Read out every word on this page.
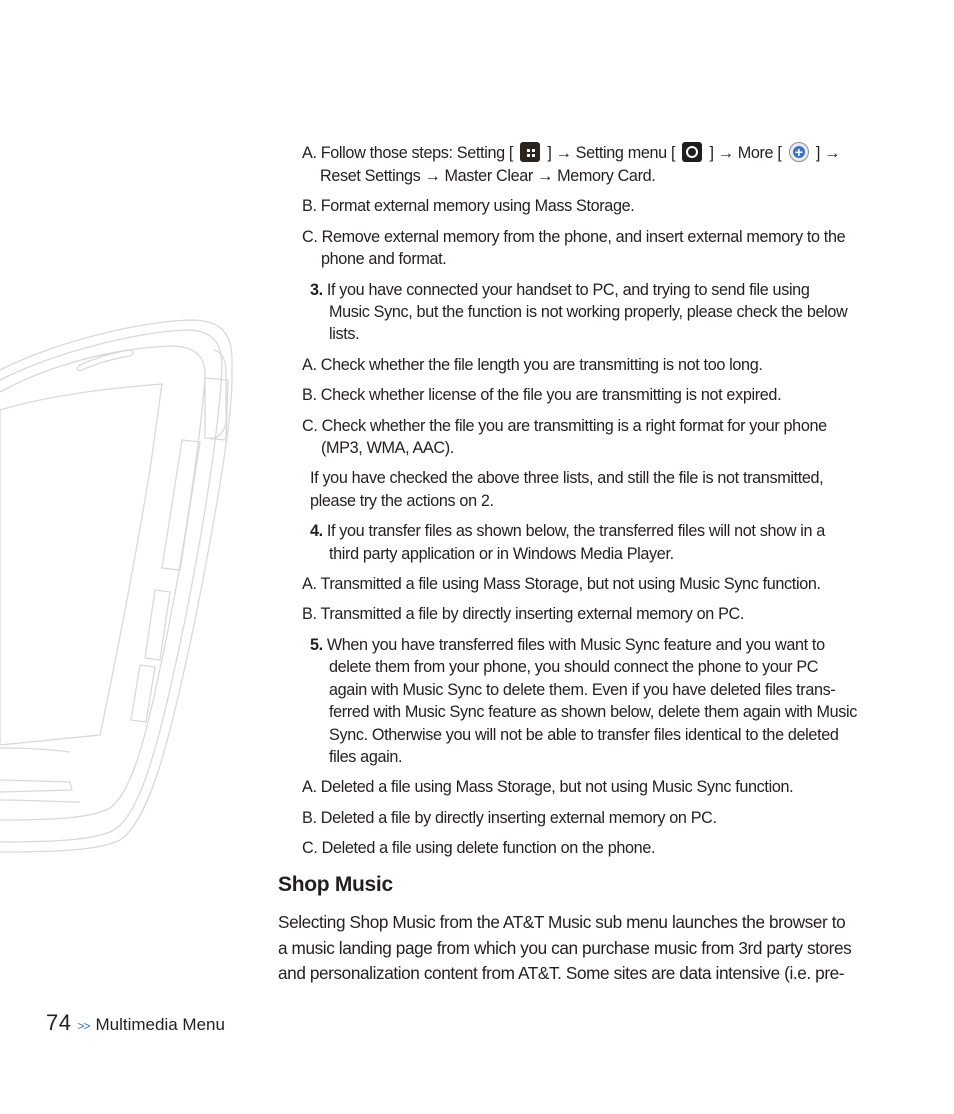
A. Follow those steps: Setting [ ] → Setting menu [ ] → More [ + ] →
Reset Settings → Master Clear → Memory Card.
B. Format external memory using Mass Storage.
C. Remove external memory from the phone, and insert external memory to the
phone and format.
3. If you have connected your handset to PC, and trying to send file using
Music Sync, but the function is not working properly, please check the below
lists.
A. Check whether the file length you are transmitting is not too long.
B. Check whether license of the file you are transmitting is not expired.
C. Check whether the file you are transmitting is a right format for your phone
(MP3, WMA, AAC).
If you have checked the above three lists, and still the file is not transmitted,
please try the actions on 2.
4. If you transfer files as shown below, the transferred files will not show in a
third party application or in Windows Media Player.
A. Transmitted a file using Mass Storage, but not using Music Sync function.
B. Transmitted a file by directly inserting external memory on PC.
5. When you have transferred files with Music Sync feature and you want to
delete them from your phone, you should connect the phone to your PC
again with Music Sync to delete them. Even if you have deleted files trans-
ferred with Music Sync feature as shown below, delete them again with Music
Sync. Otherwise you will not be able to transfer files identical to the deleted
files again.
A. Deleted a file using Mass Storage, but not using Music Sync function.
B. Deleted a file by directly inserting external memory on PC.
C. Deleted a file using delete function on the phone.
Shop Music
Selecting Shop Music from the AT&T Music sub menu launches the browser to
a music landing page from which you can purchase music from 3rd party stores
and personalization content from AT&T. Some sites are data intensive (i.e. pre-
74 >> Multimedia Menu
